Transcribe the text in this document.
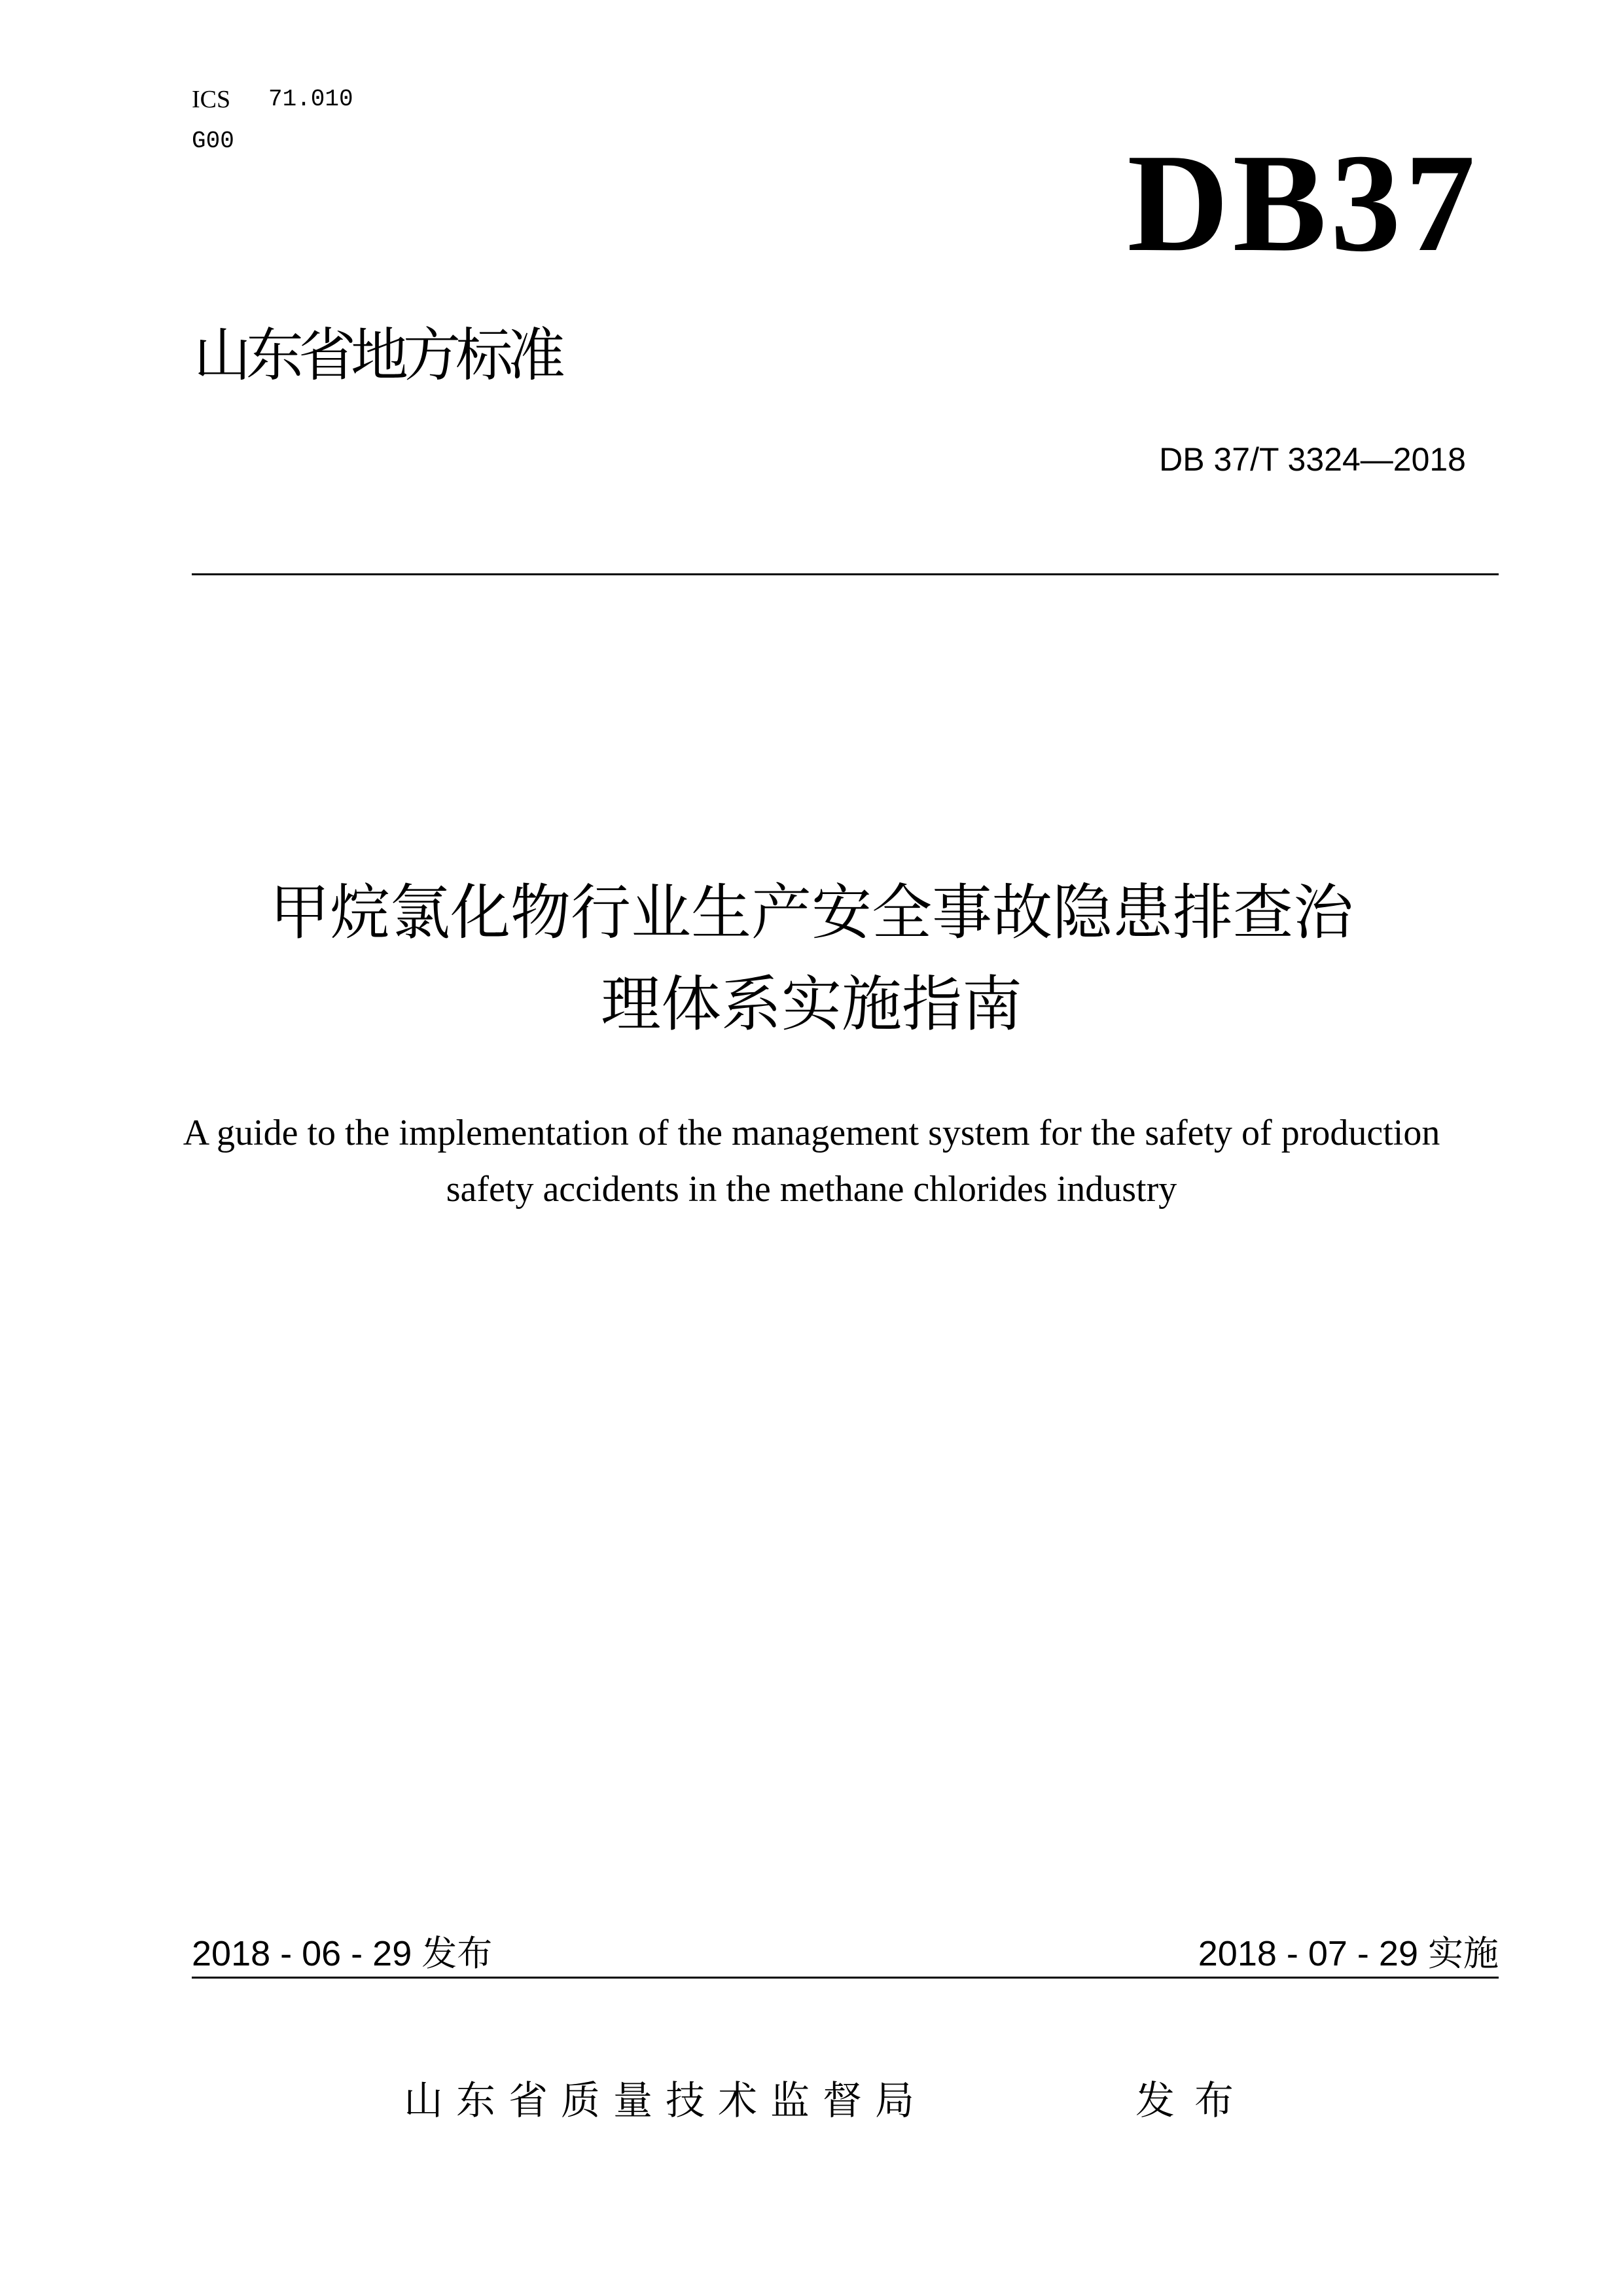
ICS 71.010
G00	DB37
山东省地方标准
DB 37/T 3324—2018
甲烷氯化物行业生产安全事故隐患排查治
理体系实施指南
A guide to the implementation of the management system for the safety of production
safety accidents in the methane chlorides industry
2018 - 06 - 29 发布	2018 - 07 - 29 实施
山东省质量技术监督局	发布
